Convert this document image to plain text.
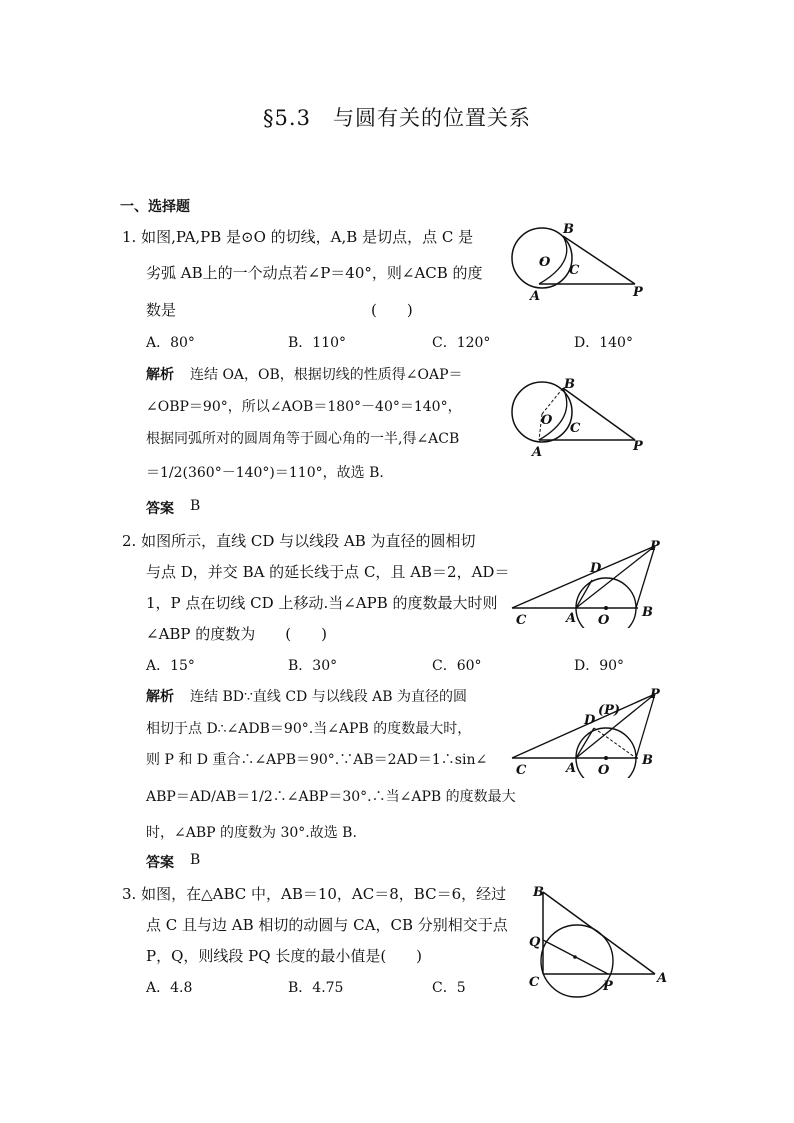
§5.3　与圆有关的位置关系
一、选择题
1. 如图,PA,PB 是⊙O 的切线，A,B 是切点，点 C 是
劣弧 AB上的一个动点若∠P＝40°，则∠ACB 的度
数是　　　　　　　　　　　　　(　　)
A．80°	B．110°	C．120°	D．140°
解析 连结 OA，OB，根据切线的性质得∠OAP＝
∠OBP＝90°，所以∠AOB＝180°－40°＝140°，
根据同弧所对的圆周角等于圆心角的一半,得∠ACB
＝1/2(360°－140°)＝110°，故选 B.
答案 B
B
O
C
A	P
B
O
C
A	P
2. 如图所示，直线 CD 与以线段 AB 为直径的圆相切
与点 D，并交 BA 的延长线于点 C，且 AB＝2，AD＝
1，P 点在切线 CD 上移动.当∠APB 的度数最大时则
∠ABP 的度数为　　(　　)
A．15°	B．30°	C．60°	D．90°
解析 连结 BD∵直线 CD 与以线段 AB 为直径的圆
相切于点 D∴∠ADB＝90°.当∠APB 的度数最大时，
则 P 和 D 重合∴∠APB＝90°.∵AB＝2AD＝1∴sin∠
ABP＝AD/AB＝1/2∴∠ABP＝30°.∴当∠APB 的度数最大
时，∠ABP 的度数为 30°.故选 B.
答案 B
P
D
C	A O
B
P
D
(P)
C	A O
B
3. 如图，在△ABC 中，AB＝10，AC＝8，BC＝6，经过
点 C 且与边 AB 相切的动圆与 CA，CB 分别相交于点
P，Q，则线段 PQ 长度的最小值是(　　)
A．4.8	B．4.75	C．5
B
Q
C	P
A
